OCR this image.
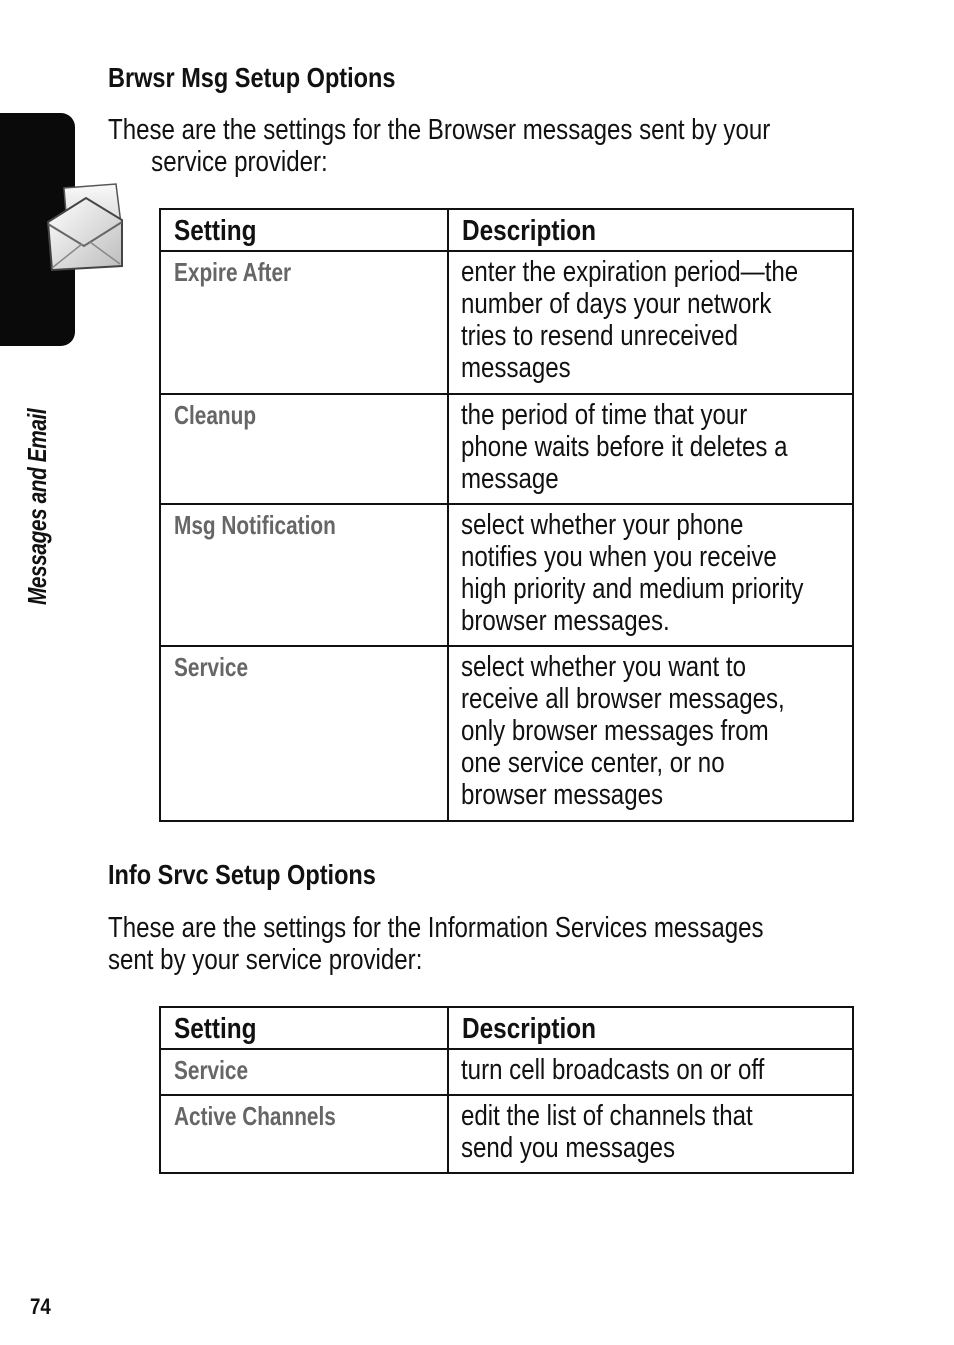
Messages and Email
Brwsr Msg Setup Options
These are the settings for the Browser messages sent by your
service provider:
Setting	Description

Expire After	enter the expiration period—the
number of days your network
tries to resend unreceived
messages

Cleanup	the period of time that your
phone waits before it deletes a
message

Msg Notification	select whether your phone
notifies you when you receive
high priority and medium priority
browser messages.

Service	select whether you want to
receive all browser messages,
only browser messages from
one service center, or no
browser messages
Info Srvc Setup Options
These are the settings for the Information Services messages
sent by your service provider:
Setting	Description

Service	turn cell broadcasts on or off

Active Channels	edit the list of channels that
send you messages
74
